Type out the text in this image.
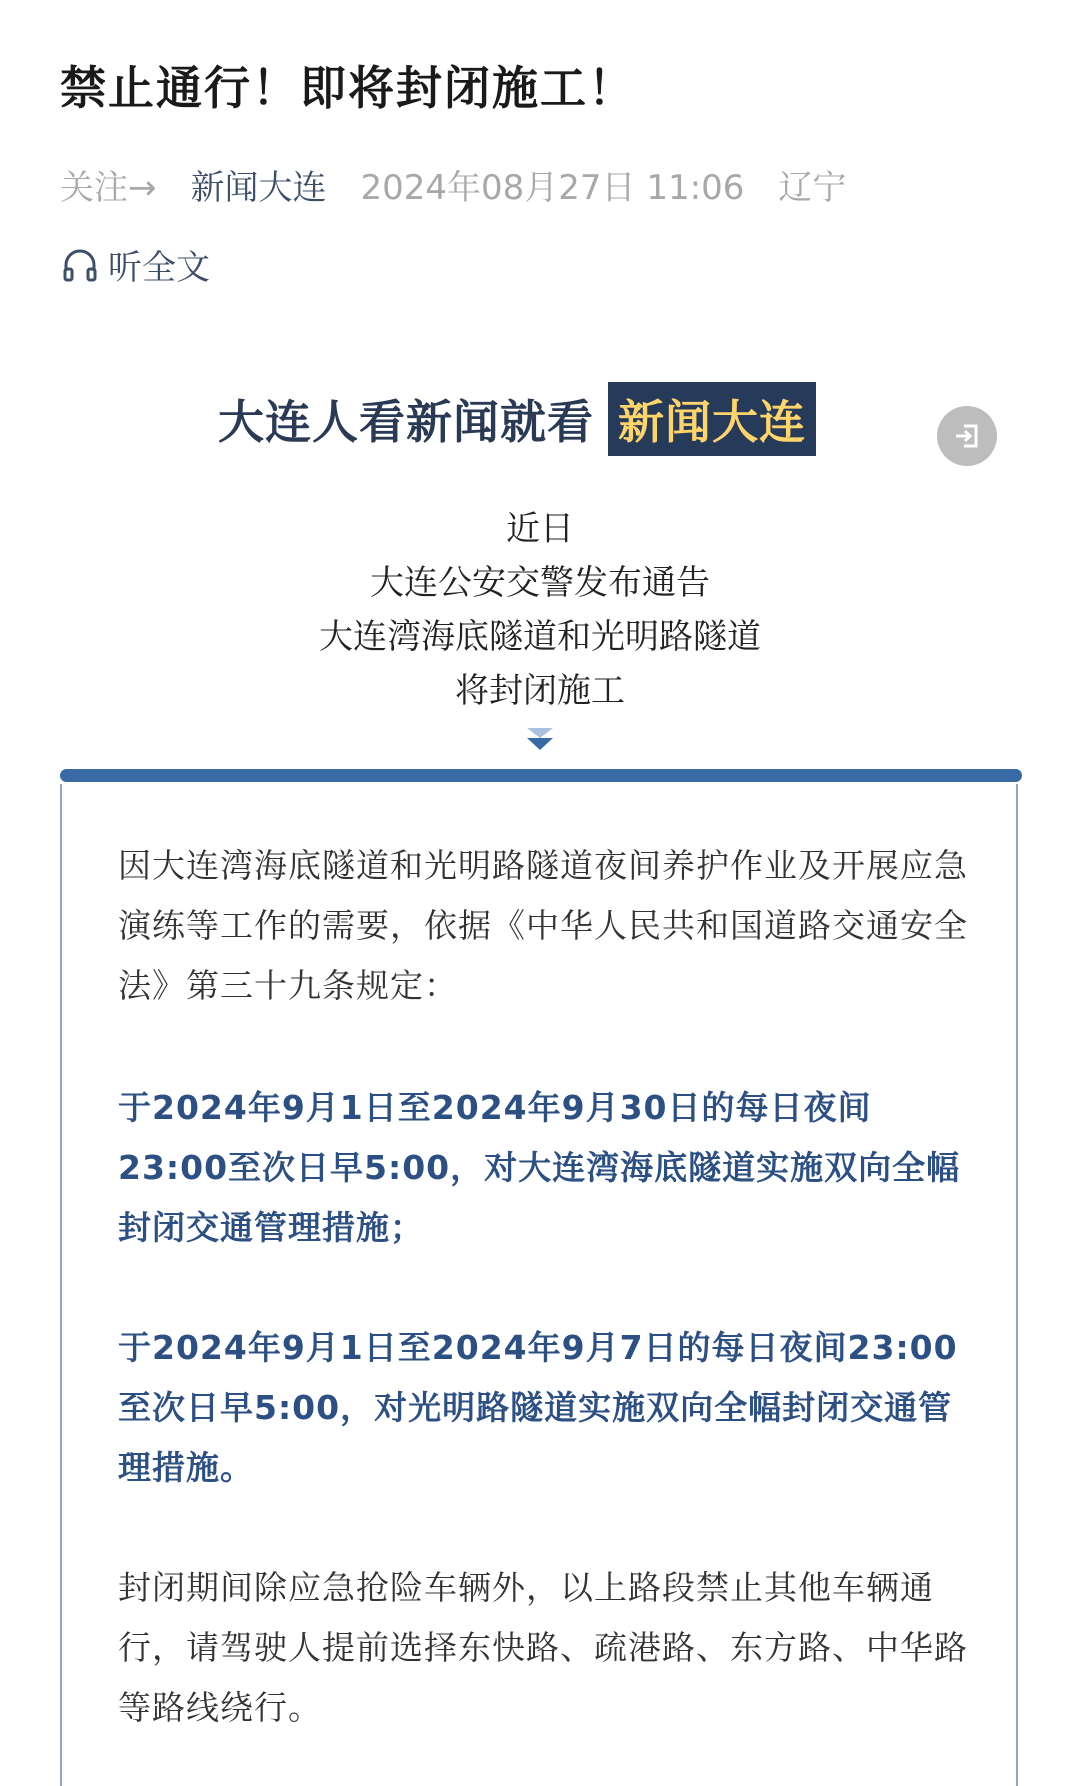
禁止通行！即将封闭施工！
关注→ 新闻大连 2024年08月27日 11:06 辽宁
听全文
大连人看新闻就看 新闻大连
近日
大连公安交警发布通告
大连湾海底隧道和光明路隧道
将封闭施工

因大连湾海底隧道和光明路隧道夜间养护作业及开展应急演练等工作的需要，依据《中华人民共和国道路交通安全法》第三十九条规定：

于2024年9月1日至2024年9月30日的每日夜间23:00至次日早5:00，对大连湾海底隧道实施双向全幅封闭交通管理措施；

于2024年9月1日至2024年9月7日的每日夜间23:00至次日早5:00，对光明路隧道实施双向全幅封闭交通管理措施。

封闭期间除应急抢险车辆外，以上路段禁止其他车辆通行，请驾驶人提前选择东快路、疏港路、东方路、中华路等路线绕行。
